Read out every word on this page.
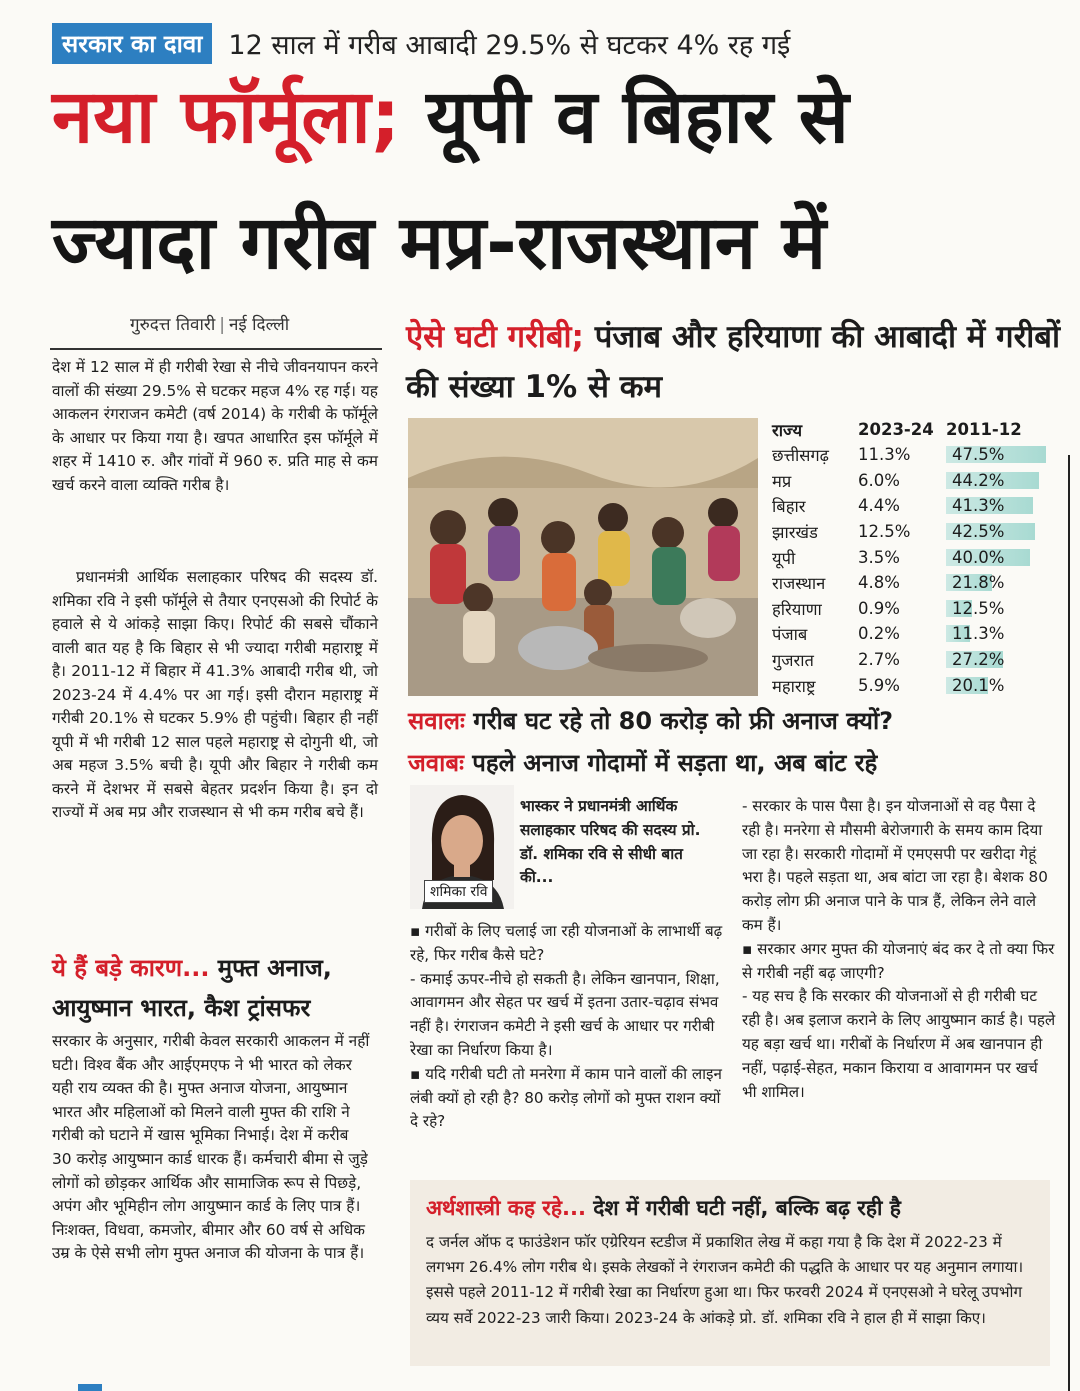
सरकार का दावा 12 साल में गरीब आबादी 29.5% से घटकर 4% रह गई
नया फॉर्मूला; यूपी व बिहार से
ज्यादा गरीब मप्र-राजस्थान में
गुरुदत्त तिवारी | नई दिल्ली

देश में 12 साल में ही गरीबी रेखा से नीचे जीवनयापन करने वालों की संख्या 29.5% से घटकर महज 4% रह गई। यह आकलन रंगराजन कमेटी (वर्ष 2014) के गरीबी के फॉर्मूले के आधार पर किया गया है। खपत आधारित इस फॉर्मूले में शहर में 1410 रु. और गांवों में 960 रु. प्रति माह से कम खर्च करने वाला व्यक्ति गरीब है।

प्रधानमंत्री आर्थिक सलाहकार परिषद की सदस्य डॉ. शमिका रवि ने इसी फॉर्मूले से तैयार एनएसओ की रिपोर्ट के हवाले से ये आंकड़े साझा किए। रिपोर्ट की सबसे चौंकाने वाली बात यह है कि बिहार से भी ज्यादा गरीबी महाराष्ट्र में है। 2011-12 में बिहार में 41.3% आबादी गरीब थी, जो 2023-24 में 4.4% पर आ गई। इसी दौरान महाराष्ट्र में गरीबी 20.1% से घटकर 5.9% ही पहुंची। बिहार ही नहीं यूपी में भी गरीबी 12 साल पहले महाराष्ट्र से दोगुनी थी, जो अब महज 3.5% बची है। यूपी और बिहार ने गरीबी कम करने में देशभर में सबसे बेहतर प्रदर्शन किया है। इन दो राज्यों में अब मप्र और राजस्थान से भी कम गरीब बचे हैं।

ये हैं बड़े कारण... मुफ्त अनाज, आयुष्मान भारत, कैश ट्रांसफर

सरकार के अनुसार, गरीबी केवल सरकारी आकलन में नहीं घटी। विश्व बैंक और आईएमएफ ने भी भारत को लेकर यही राय व्यक्त की है। मुफ्त अनाज योजना, आयुष्मान भारत और महिलाओं को मिलने वाली मुफ्त की राशि ने गरीबी को घटाने में खास भूमिका निभाई। देश में करीब 30 करोड़ आयुष्मान कार्ड धारक हैं। कर्मचारी बीमा से जुड़े लोगों को छोड़कर आर्थिक और सामाजिक रूप से पिछड़े, अपंग और भूमिहीन लोग आयुष्मान कार्ड के लिए पात्र हैं। निःशक्त, विधवा, कमजोर, बीमार और 60 वर्ष से अधिक उम्र के ऐसे सभी लोग मुफ्त अनाज की योजना के पात्र हैं।

ऐसे घटी गरीबी; पंजाब और हरियाणा की आबादी में गरीबों की संख्या 1% से कम
राज्य	2023-24 2011-12
छत्तीसगढ़	11.3%	47.5%
मप्र	6.0%	44.2%
बिहार	4.4%	41.3%
झारखंड	12.5%	42.5%
यूपी	3.5%	40.0%
राजस्थान	4.8%	21.8%
हरियाणा	0.9%	12.5%
पंजाब	0.2%	11.3%
गुजरात	2.7%	27.2%
महाराष्ट्र	5.9%	20.1%
सवालः गरीब घट रहे तो 80 करोड़ को फ्री अनाज क्यों?
जवाबः पहले अनाज गोदामों में सड़ता था, अब बांट रहे
शमिका रवि

भास्कर ने प्रधानमंत्री आर्थिक सलाहकार परिषद की सदस्य प्रो. डॉ. शमिका रवि से सीधी बात की...

▪ गरीबों के लिए चलाई जा रही योजनाओं के लाभार्थी बढ़ रहे, फिर गरीब कैसे घटे?
- कमाई ऊपर-नीचे हो सकती है। लेकिन खानपान, शिक्षा, आवागमन और सेहत पर खर्च में इतना उतार-चढ़ाव संभव नहीं है। रंगराजन कमेटी ने इसी खर्च के आधार पर गरीबी रेखा का निर्धारण किया है।
▪ यदि गरीबी घटी तो मनरेगा में काम पाने वालों की लाइन लंबी क्यों हो रही है? 80 करोड़ लोगों को मुफ्त राशन क्यों दे रहे?
- सरकार के पास पैसा है। इन योजनाओं से वह पैसा दे रही है। मनरेगा से मौसमी बेरोजगारी के समय काम दिया जा रहा है। सरकारी गोदामों में एमएसपी पर खरीदा गेहूं भरा है। पहले सड़ता था, अब बांटा जा रहा है। बेशक 80 करोड़ लोग फ्री अनाज पाने के पात्र हैं, लेकिन लेने वाले कम हैं।
▪ सरकार अगर मुफ्त की योजनाएं बंद कर दे तो क्या फिर से गरीबी नहीं बढ़ जाएगी?
- यह सच है कि सरकार की योजनाओं से ही गरीबी घट रही है। अब इलाज कराने के लिए आयुष्मान कार्ड है। पहले यह बड़ा खर्च था। गरीबों के निर्धारण में अब खानपान ही नहीं, पढ़ाई-सेहत, मकान किराया व आवागमन पर खर्च भी शामिल।
अर्थशास्त्री कह रहे... देश में गरीबी घटी नहीं, बल्कि बढ़ रही है

द जर्नल ऑफ द फाउंडेशन फॉर एग्रेरियन स्टडीज में प्रकाशित लेख में कहा गया है कि देश में 2022-23 में लगभग 26.4% लोग गरीब थे। इसके लेखकों ने रंगराजन कमेटी की पद्धति के आधार पर यह अनुमान लगाया। इससे पहले 2011-12 में गरीबी रेखा का निर्धारण हुआ था। फिर फरवरी 2024 में एनएसओ ने घरेलू उपभोग व्यय सर्वे 2022-23 जारी किया। 2023-24 के आंकड़े प्रो. डॉ. शमिका रवि ने हाल ही में साझा किए।
